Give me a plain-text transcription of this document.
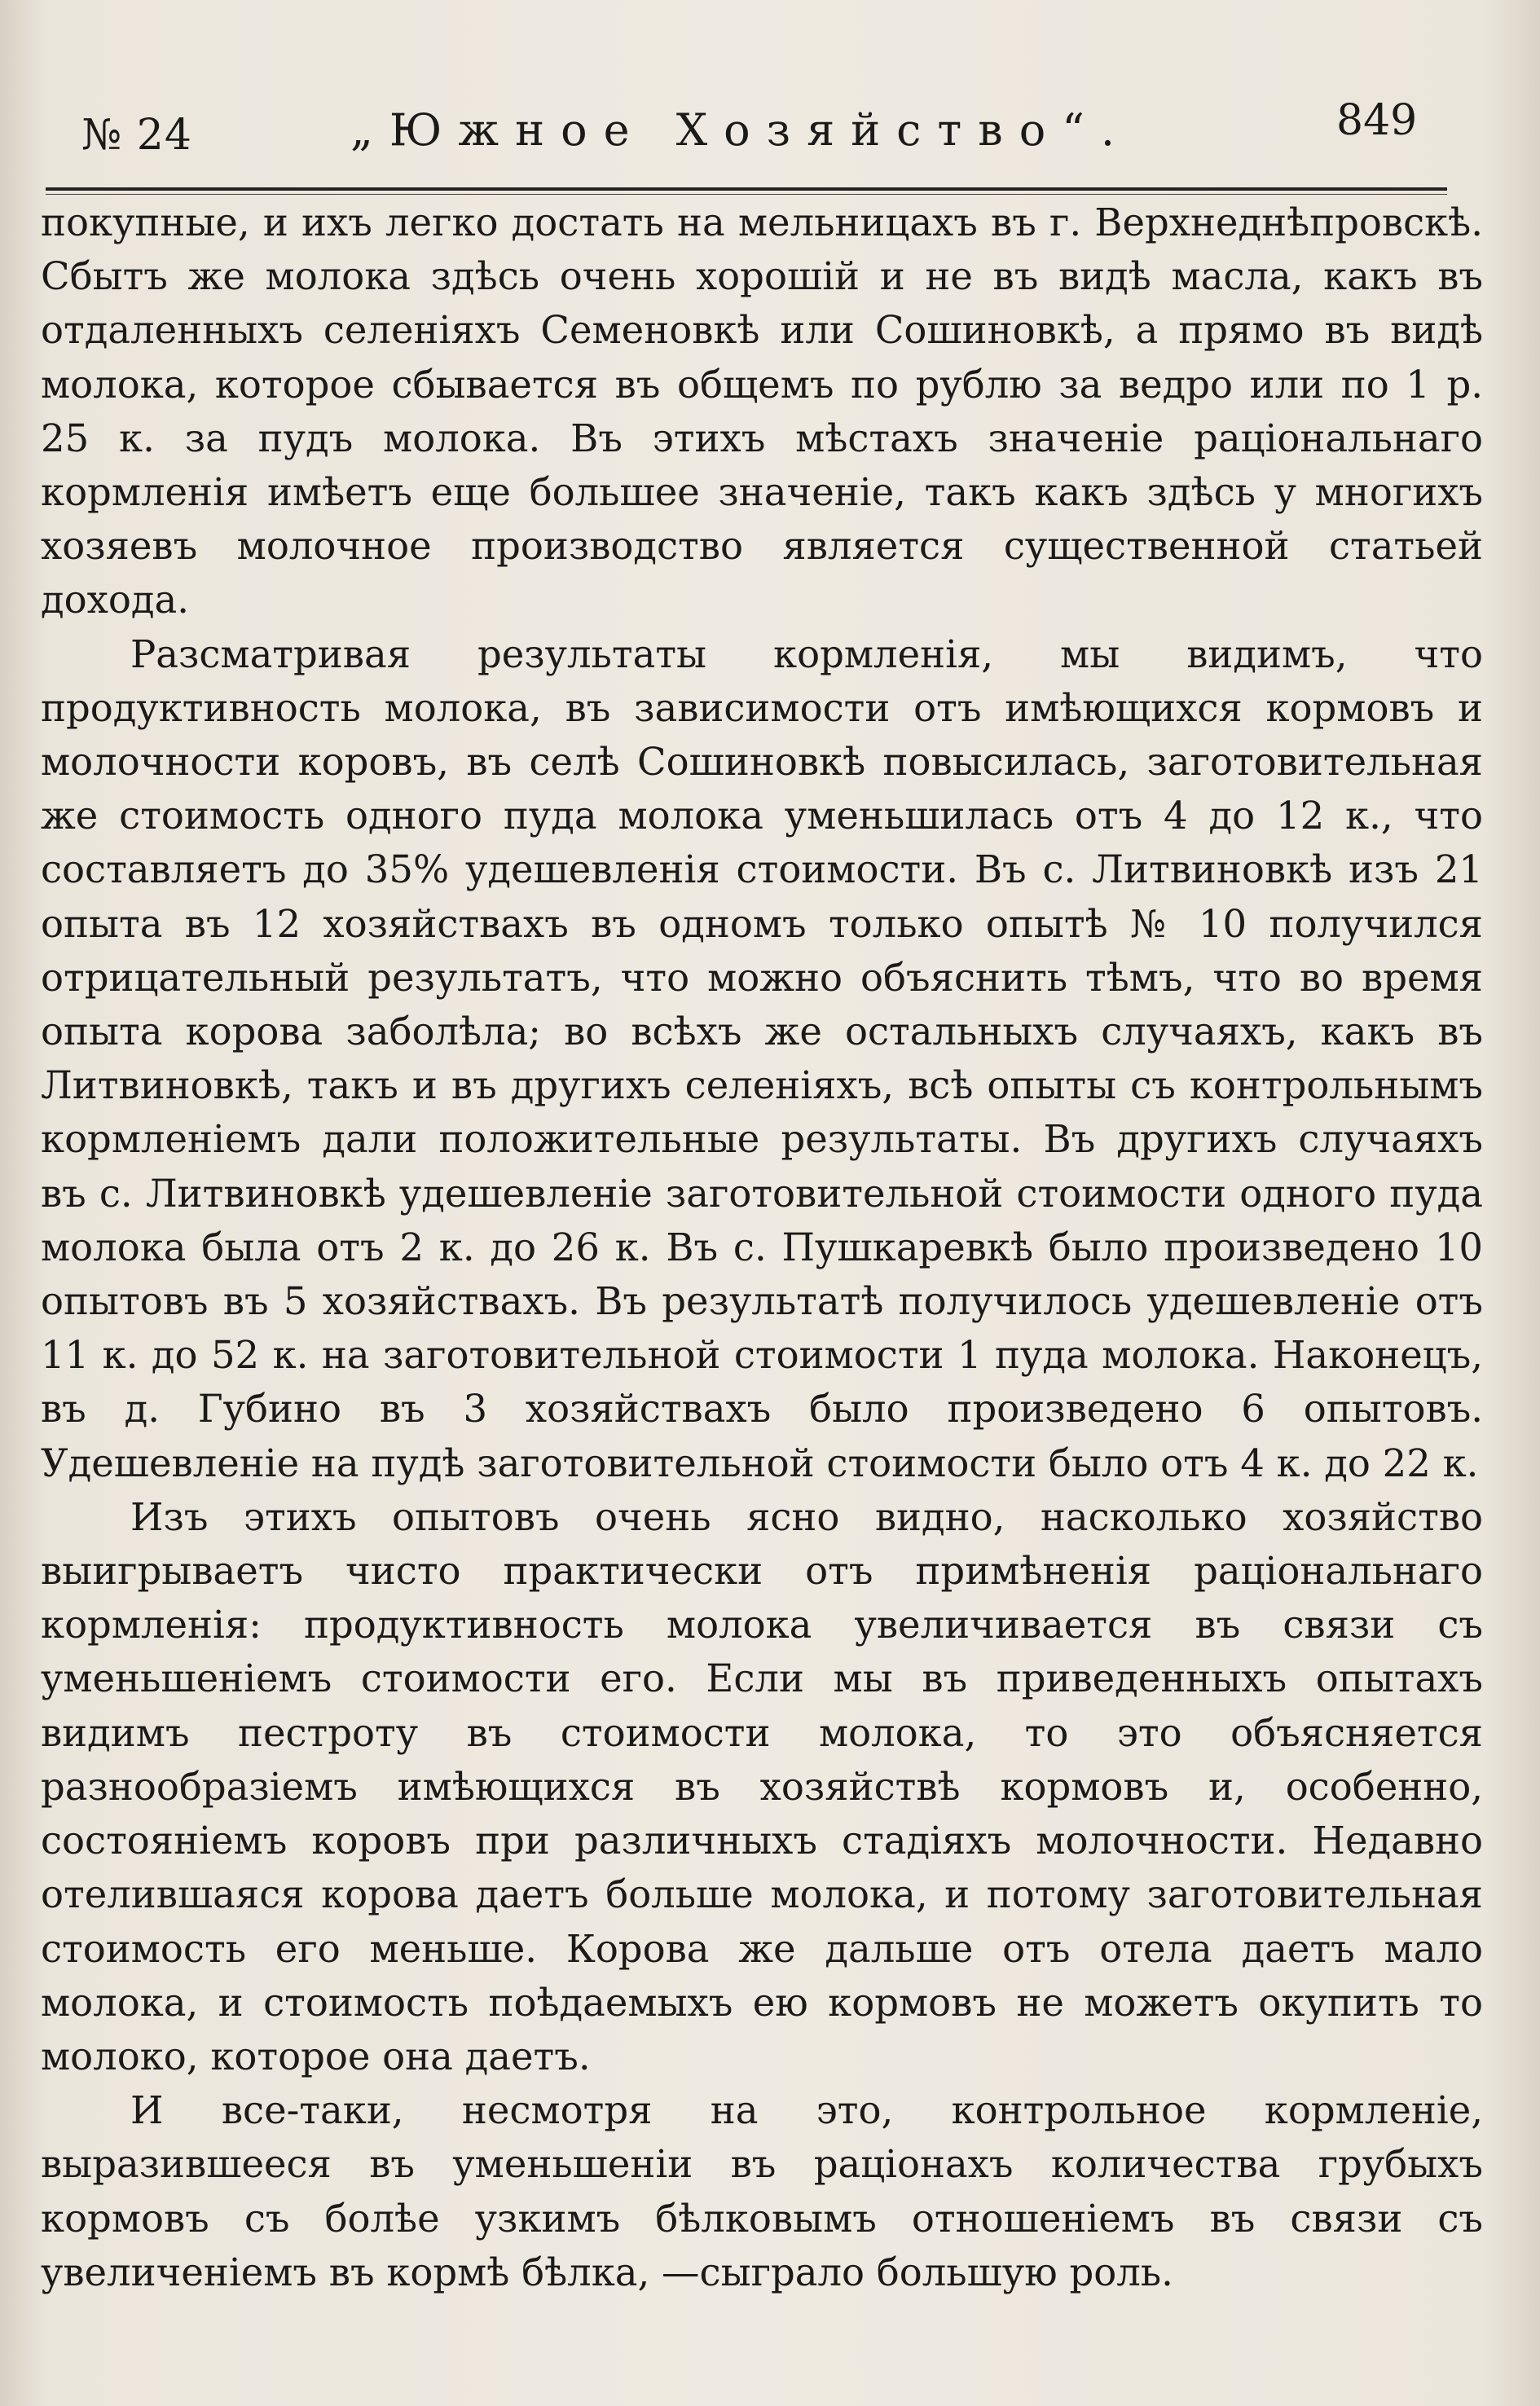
№ 24	„Южное Хозяйство“.	849

покупные, и ихъ легко достать на мельницахъ въ г. Верхнеднѣпровскѣ. Сбытъ же молока здѣсь очень хорошій и не въ видѣ масла, какъ въ отдаленныхъ селеніяхъ Семеновкѣ или Сошиновкѣ, а прямо въ видѣ молока, которое сбывается въ общемъ по рублю за ведро или по 1 р. 25 к. за пудъ молока. Въ этихъ мѣстахъ значеніе раціональнаго кормленія имѣетъ еще большее значеніе, такъ какъ здѣсь у многихъ хозяевъ молочное производство является существенной статьей дохода.

Разсматривая результаты кормленія, мы видимъ, что продуктивность молока, въ зависимости отъ имѣющихся кормовъ и молочности коровъ, въ селѣ Сошиновкѣ повысилась, заготовительная же стоимость одного пуда молока уменьшилась отъ 4 до 12 к., что составляетъ до 35% удешевленія стоимости. Въ с. Литвиновкѣ изъ 21 опыта въ 12 хозяйствахъ въ одномъ только опытѣ № 10 получился отрицательный результатъ, что можно объяснить тѣмъ, что во время опыта корова заболѣла; во всѣхъ же остальныхъ случаяхъ, какъ въ Литвиновкѣ, такъ и въ другихъ селеніяхъ, всѣ опыты съ контрольнымъ кормленіемъ дали положительные результаты. Въ другихъ случаяхъ въ с. Литвиновкѣ удешевленіе заготовительной стоимости одного пуда молока была отъ 2 к. до 26 к. Въ с. Пушкаревкѣ было произведено 10 опытовъ въ 5 хозяйствахъ. Въ результатѣ получилось удешевленіе отъ 11 к. до 52 к. на заготовительной стоимости 1 пуда молока. Наконецъ, въ д. Губино въ 3 хозяйствахъ было произведено 6 опытовъ. Удешевленіе на пудѣ заготовительной стоимости было отъ 4 к. до 22 к.

Изъ этихъ опытовъ очень ясно видно, насколько хозяйство выигрываетъ чисто практически отъ примѣненія раціональнаго кормленія: продуктивность молока увеличивается въ связи съ уменьшеніемъ стоимости его. Если мы въ приведенныхъ опытахъ видимъ пестроту въ стоимости молока, то это объясняется разнообразіемъ имѣющихся въ хозяйствѣ кормовъ и, особенно, состояніемъ коровъ при различныхъ стадіяхъ молочности. Недавно отелившаяся корова даетъ больше молока, и потому заготовительная стоимость его меньше. Корова же дальше отъ отела даетъ мало молока, и стоимость поѣдаемыхъ ею кормовъ не можетъ окупить то молоко, которое она даетъ.

И все-таки, несмотря на это, контрольное кормленіе, выразившееся въ уменьшеніи въ раціонахъ количества грубыхъ кормовъ съ болѣе узкимъ бѣлковымъ отношеніемъ въ связи съ увеличеніемъ въ кормѣ бѣлка, —сыграло большую роль.
